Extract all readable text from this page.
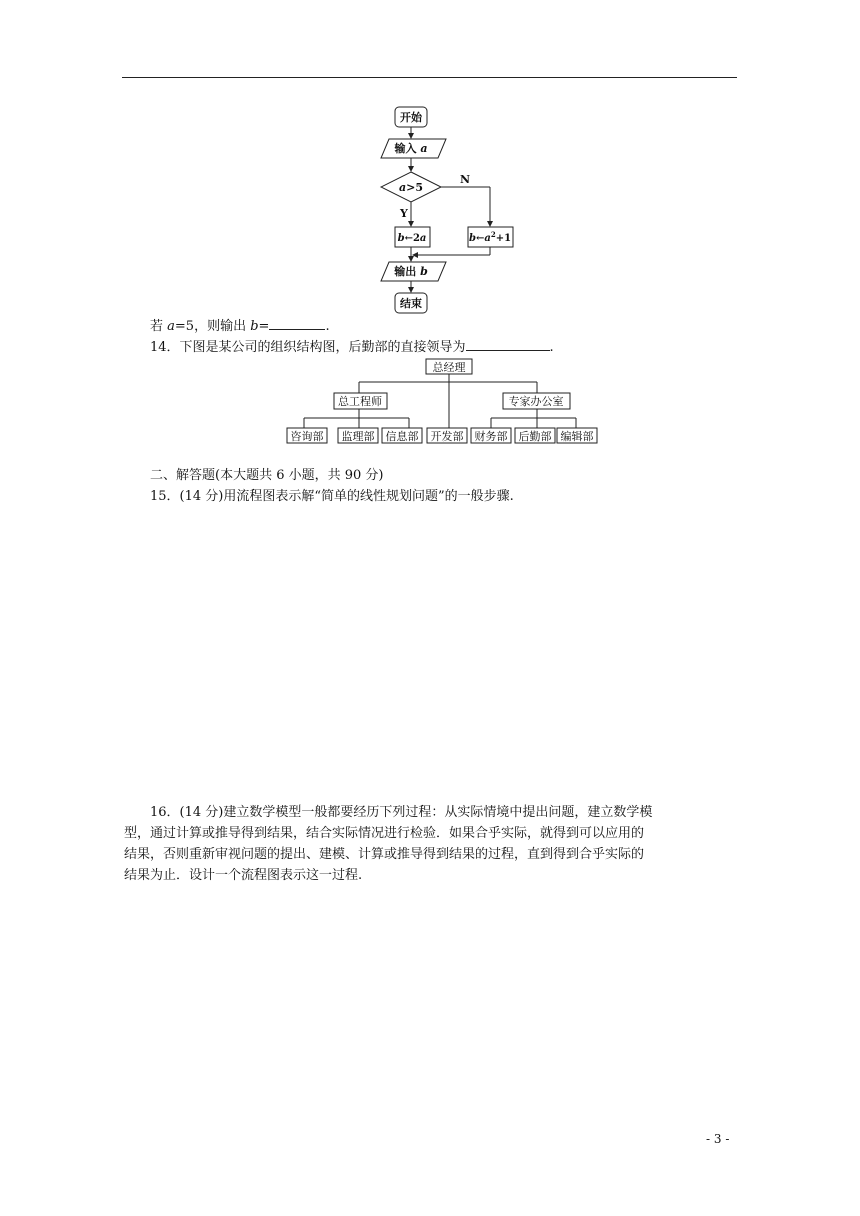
开始
输入 a
a>5
N
Y
b←2a	$b\leftarrow a^2+1$
输出 b
结束
若 a=5，则输出 b=	.
14．下图是某公司的组织结构图，后勤部的直接领导为	.
总经理
总工程师	专家办公室
咨询部 监理部 信息部 开发部 财务部 后勤部 编辑部
二、解答题(本大题共 6 小题，共 90 分)
15．(14 分)用流程图表示解“简单的线性规划问题”的一般步骤.
16．(14 分)建立数学模型一般都要经历下列过程：从实际情境中提出问题，建立数学模
型，通过计算或推导得到结果，结合实际情况进行检验．如果合乎实际，就得到可以应用的
结果，否则重新审视问题的提出、建模、计算或推导得到结果的过程，直到得到合乎实际的
结果为止．设计一个流程图表示这一过程.
- 3 -
